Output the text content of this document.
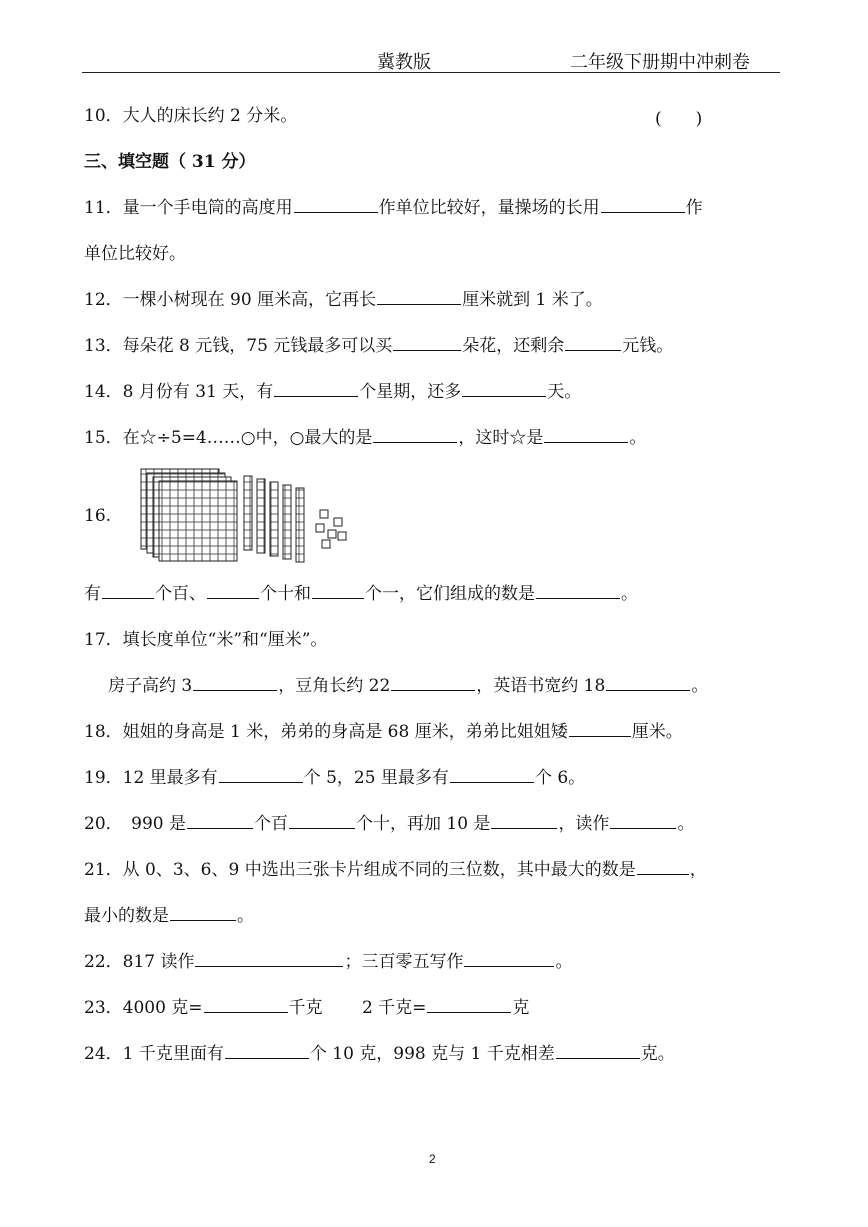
冀教版	二年级下册期中冲刺卷
10．大人的床长约 2 分米。	(　　)
三、填空题（ 31 分）
11．量一个手电筒的高度用	作单位比较好，量操场的长用	作
单位比较好。
12．一棵小树现在 90 厘米高，它再长	厘米就到 1 米了。
13．每朵花 8 元钱，75 元钱最多可以买	朵花，还剩余	元钱。
14．8 月份有 31 天，有	个星期，还多	天。
15．在☆÷5=4……○中，○最大的是	，这时☆是	。
16.
有	个百、	个十和	个一，它们组成的数是	。
17．填长度单位“米”和“厘米”。
房子高约 3	，豆角长约 22	，英语书宽约 18	。
18．姐姐的身高是 1 米，弟弟的身高是 68 厘米，弟弟比姐姐矮	厘米。
19．12 里最多有	个 5，25 里最多有	个 6。
20．　990 是	个百	个十，再加 10 是	，读作	。
21．从 0、3、6、9 中选出三张卡片组成不同的三位数，其中最大的数是	，
最小的数是	。
22．817 读作	；三百零五写作	。
23．4000 克=	千克　　 2 千克=	克
24．1 千克里面有	个 10 克，998 克与 1 千克相差	克。
2
